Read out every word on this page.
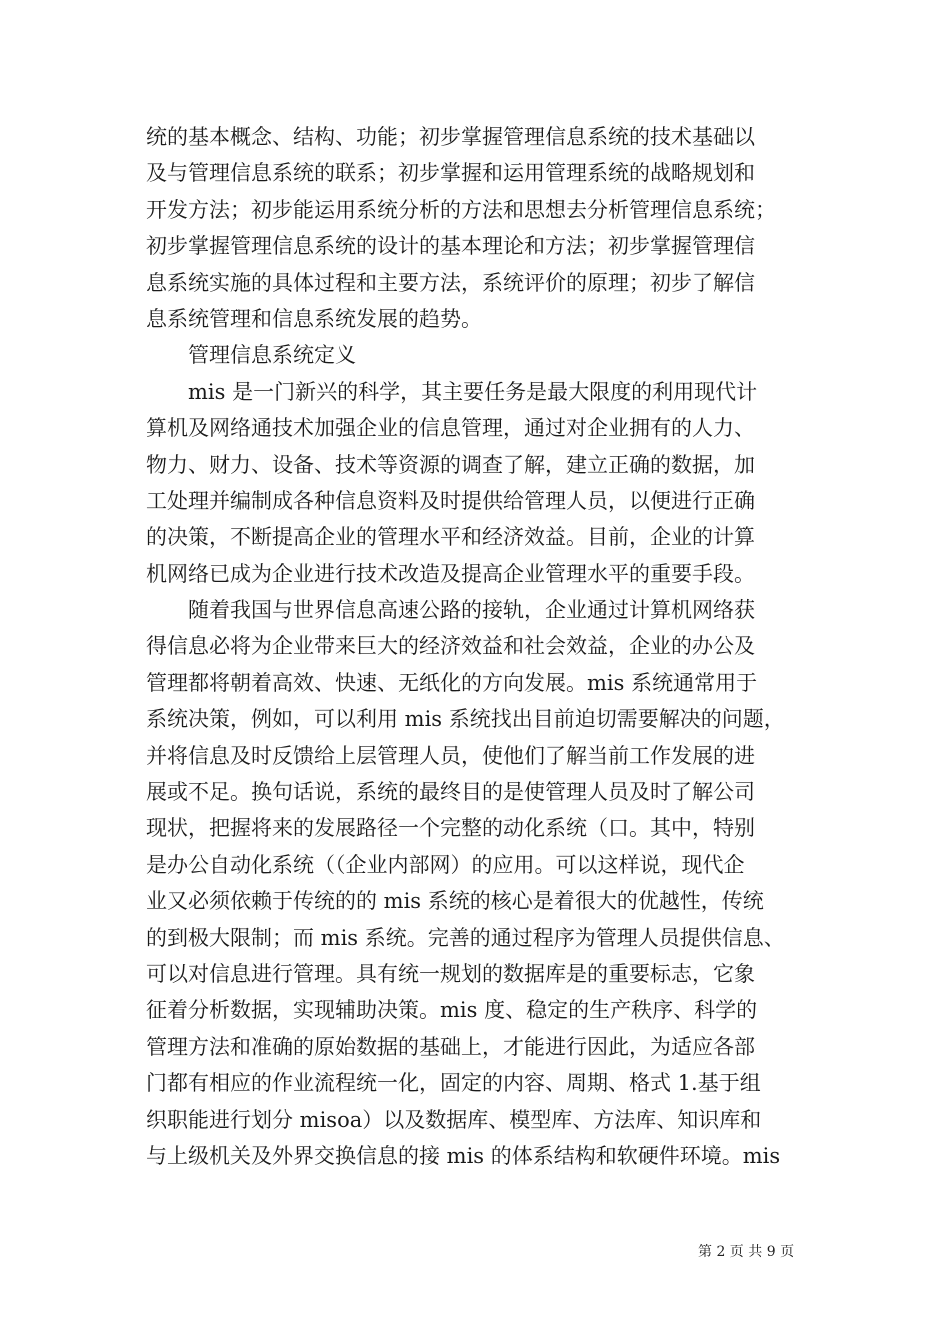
统的基本概念、结构、功能；初步掌握管理信息系统的技术基础以
及与管理信息系统的联系；初步掌握和运用管理系统的战略规划和
开发方法；初步能运用系统分析的方法和思想去分析管理信息系统；
初步掌握管理信息系统的设计的基本理论和方法；初步掌握管理信
息系统实施的具体过程和主要方法，系统评价的原理；初步了解信
息系统管理和信息系统发展的趋势。
　　管理信息系统定义
　　mis 是一门新兴的科学，其主要任务是最大限度的利用现代计
算机及网络通技术加强企业的信息管理，通过对企业拥有的人力、
物力、财力、设备、技术等资源的调查了解，建立正确的数据，加
工处理并编制成各种信息资料及时提供给管理人员，以便进行正确
的决策，不断提高企业的管理水平和经济效益。目前，企业的计算
机网络已成为企业进行技术改造及提高企业管理水平的重要手段。
　　随着我国与世界信息高速公路的接轨，企业通过计算机网络获
得信息必将为企业带来巨大的经济效益和社会效益，企业的办公及
管理都将朝着高效、快速、无纸化的方向发展。mis 系统通常用于
系统决策，例如，可以利用 mis 系统找出目前迫切需要解决的问题，
并将信息及时反馈给上层管理人员，使他们了解当前工作发展的进
展或不足。换句话说，系统的最终目的是使管理人员及时了解公司
现状，把握将来的发展路径一个完整的动化系统（口。其中，特别
是办公自动化系统（（企业内部网）的应用。可以这样说，现代企
业又必须依赖于传统的的 mis 系统的核心是着很大的优越性，传统
的到极大限制；而 mis 系统。完善的通过程序为管理人员提供信息、
可以对信息进行管理。具有统一规划的数据库是的重要标志，它象
征着分析数据，实现辅助决策。mis 度、稳定的生产秩序、科学的
管理方法和准确的原始数据的基础上，才能进行因此，为适应各部
门都有相应的作业流程统一化，固定的内容、周期、格式 1.基于组
织职能进行划分 misoa）以及数据库、模型库、方法库、知识库和
与上级机关及外界交换信息的接 mis 的体系结构和软硬件环境。mis
第 2 页 共 9 页
